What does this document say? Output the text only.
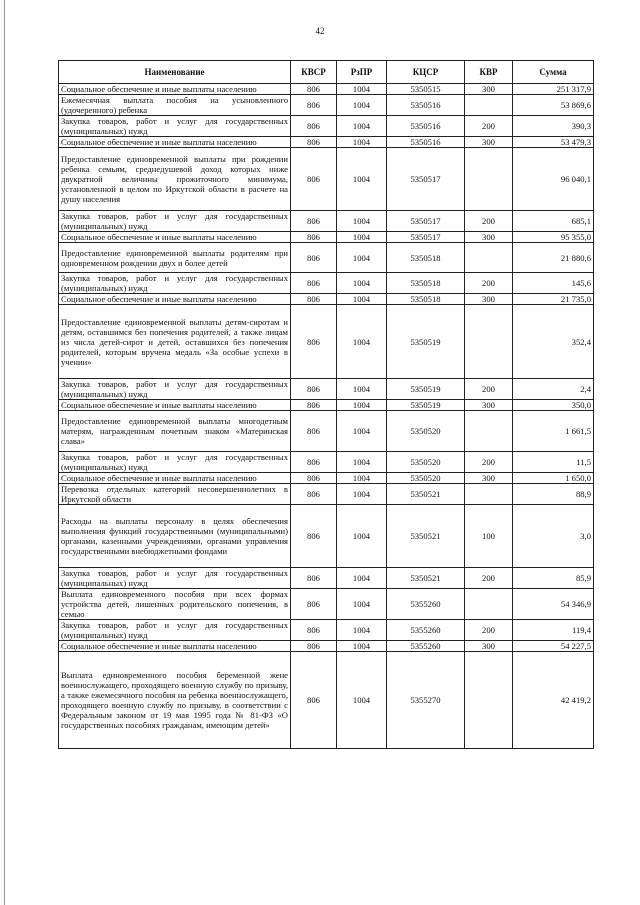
42
Наименование	КВСР	РзПР	КЦСР	КВР	Сумма
Социальное обеспечение и иные выплаты населению	806	1004	5350515	300	251 317,9
Ежемесячная выплата пособия на усыновленного (удочеренного) ребенка	806	1004	5350516		53 869,6
Закупка товаров, работ и услуг для государственных (муниципальных) нужд	806	1004	5350516	200	390,3
Социальное обеспечение и иные выплаты населению	806	1004	5350516	300	53 479,3
Предоставление единовременной выплаты при рождении ребенка семьям, среднедушевой доход которых ниже двукратной величины прожиточного минимума, установленной в целом по Иркутской области в расчете на душу населения	806	1004	5350517		96 040,1
Закупка товаров, работ и услуг для государственных (муниципальных) нужд	806	1004	5350517	200	685,1
Социальное обеспечение и иные выплаты населению	806	1004	5350517	300	95 355,0
Предоставление единовременной выплаты родителям при одновременном рождении двух и более детей	806	1004	5350518		21 880,6
Закупка товаров, работ и услуг для государственных (муниципальных) нужд	806	1004	5350518	200	145,6
Социальное обеспечение и иные выплаты населению	806	1004	5350518	300	21 735,0
Предоставление единовременной выплаты детям-сиротам и детям, оставшимся без попечения родителей, а также лицам из числа детей-сирот и детей, оставшихся без попечения родителей, которым вручена медаль «За особые успехи в учении»	806	1004	5350519		352,4
Закупка товаров, работ и услуг для государственных (муниципальных) нужд	806	1004	5350519	200	2,4
Социальное обеспечение и иные выплаты населению	806	1004	5350519	300	350,0
Предоставление единовременной выплаты многодетным матерям, награжденным почетным знаком «Материнская слава»	806	1004	5350520		1 661,5
Закупка товаров, работ и услуг для государственных (муниципальных) нужд	806	1004	5350520	200	11,5
Социальное обеспечение и иные выплаты населению	806	1004	5350520	300	1 650,0
Перевозка отдельных категорий несовершеннолетних в Иркутской области	806	1004	5350521		88,9
Расходы на выплаты персоналу в целях обеспечения выполнения функций государственными (муниципальными) органами, казенными учреждениями, органами управления государственными внебюджетными фондами	806	1004	5350521	100	3,0
Закупка товаров, работ и услуг для государственных (муниципальных) нужд	806	1004	5350521	200	85,9
Выплата единовременного пособия при всех формах устройства детей, лишенных родительского попечения, в семью	806	1004	5355260		54 346,9
Закупка товаров, работ и услуг для государственных (муниципальных) нужд	806	1004	5355260	200	119,4
Социальное обеспечение и иные выплаты населению	806	1004	5355260	300	54 227,5
Выплата единовременного пособия беременной жене военнослужащего, проходящего военную службу по призыву, а также ежемесячного пособия на ребенка военнослужащего, проходящего военную службу по призыву, в соответствии с Федеральным законом от 19 мая 1995 года № 81-ФЗ «О государственных пособиях гражданам, имеющим детей»	806	1004	5355270		42 419,2
